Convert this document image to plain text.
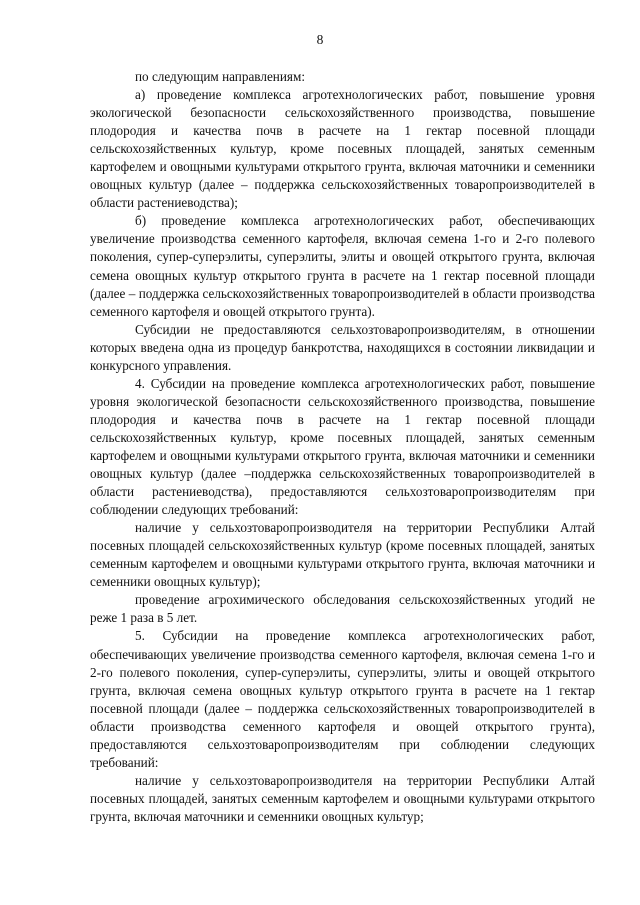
8

по следующим направлениям:

а) проведение комплекса агротехнологических работ, повышение уровня экологической безопасности сельскохозяйственного производства, повышение плодородия и качества почв в расчете на 1 гектар посевной площади сельскохозяйственных культур, кроме посевных площадей, занятых семенным картофелем и овощными культурами открытого грунта, включая маточники и семенники овощных культур (далее – поддержка сельскохозяйственных товаропроизводителей в области растениеводства);

б) проведение комплекса агротехнологических работ, обеспечивающих увеличение производства семенного картофеля, включая семена 1-го и 2-го полевого поколения, супер-суперэлиты, суперэлиты, элиты и овощей открытого грунта, включая семена овощных культур открытого грунта в расчете на 1 гектар посевной площади (далее – поддержка сельскохозяйственных товаропроизводителей в области производства семенного картофеля и овощей открытого грунта).

Субсидии не предоставляются сельхозтоваропроизводителям, в отношении которых введена одна из процедур банкротства, находящихся в состоянии ликвидации и конкурсного управления.

4. Субсидии на проведение комплекса агротехнологических работ, повышение уровня экологической безопасности сельскохозяйственного производства, повышение плодородия и качества почв в расчете на 1 гектар посевной площади сельскохозяйственных культур, кроме посевных площадей, занятых семенным картофелем и овощными культурами открытого грунта, включая маточники и семенники овощных культур (далее –поддержка сельскохозяйственных товаропроизводителей в области растениеводства), предоставляются сельхозтоваропроизводителям при соблюдении следующих требований:

наличие у сельхозтоваропроизводителя на территории Республики Алтай посевных площадей сельскохозяйственных культур (кроме посевных площадей, занятых семенным картофелем и овощными культурами открытого грунта, включая маточники и семенники овощных культур);

проведение агрохимического обследования сельскохозяйственных угодий не реже 1 раза в 5 лет.

5. Субсидии на проведение комплекса агротехнологических работ, обеспечивающих увеличение производства семенного картофеля, включая семена 1-го и 2-го полевого поколения, супер-суперэлиты, суперэлиты, элиты и овощей открытого грунта, включая семена овощных культур открытого грунта в расчете на 1 гектар посевной площади (далее – поддержка сельскохозяйственных товаропроизводителей в области производства семенного картофеля и овощей открытого грунта), предоставляются сельхозтоваропроизводителям при соблюдении следующих требований:

наличие у сельхозтоваропроизводителя на территории Республики Алтай посевных площадей, занятых семенным картофелем и овощными культурами открытого грунта, включая маточники и семенники овощных культур;
